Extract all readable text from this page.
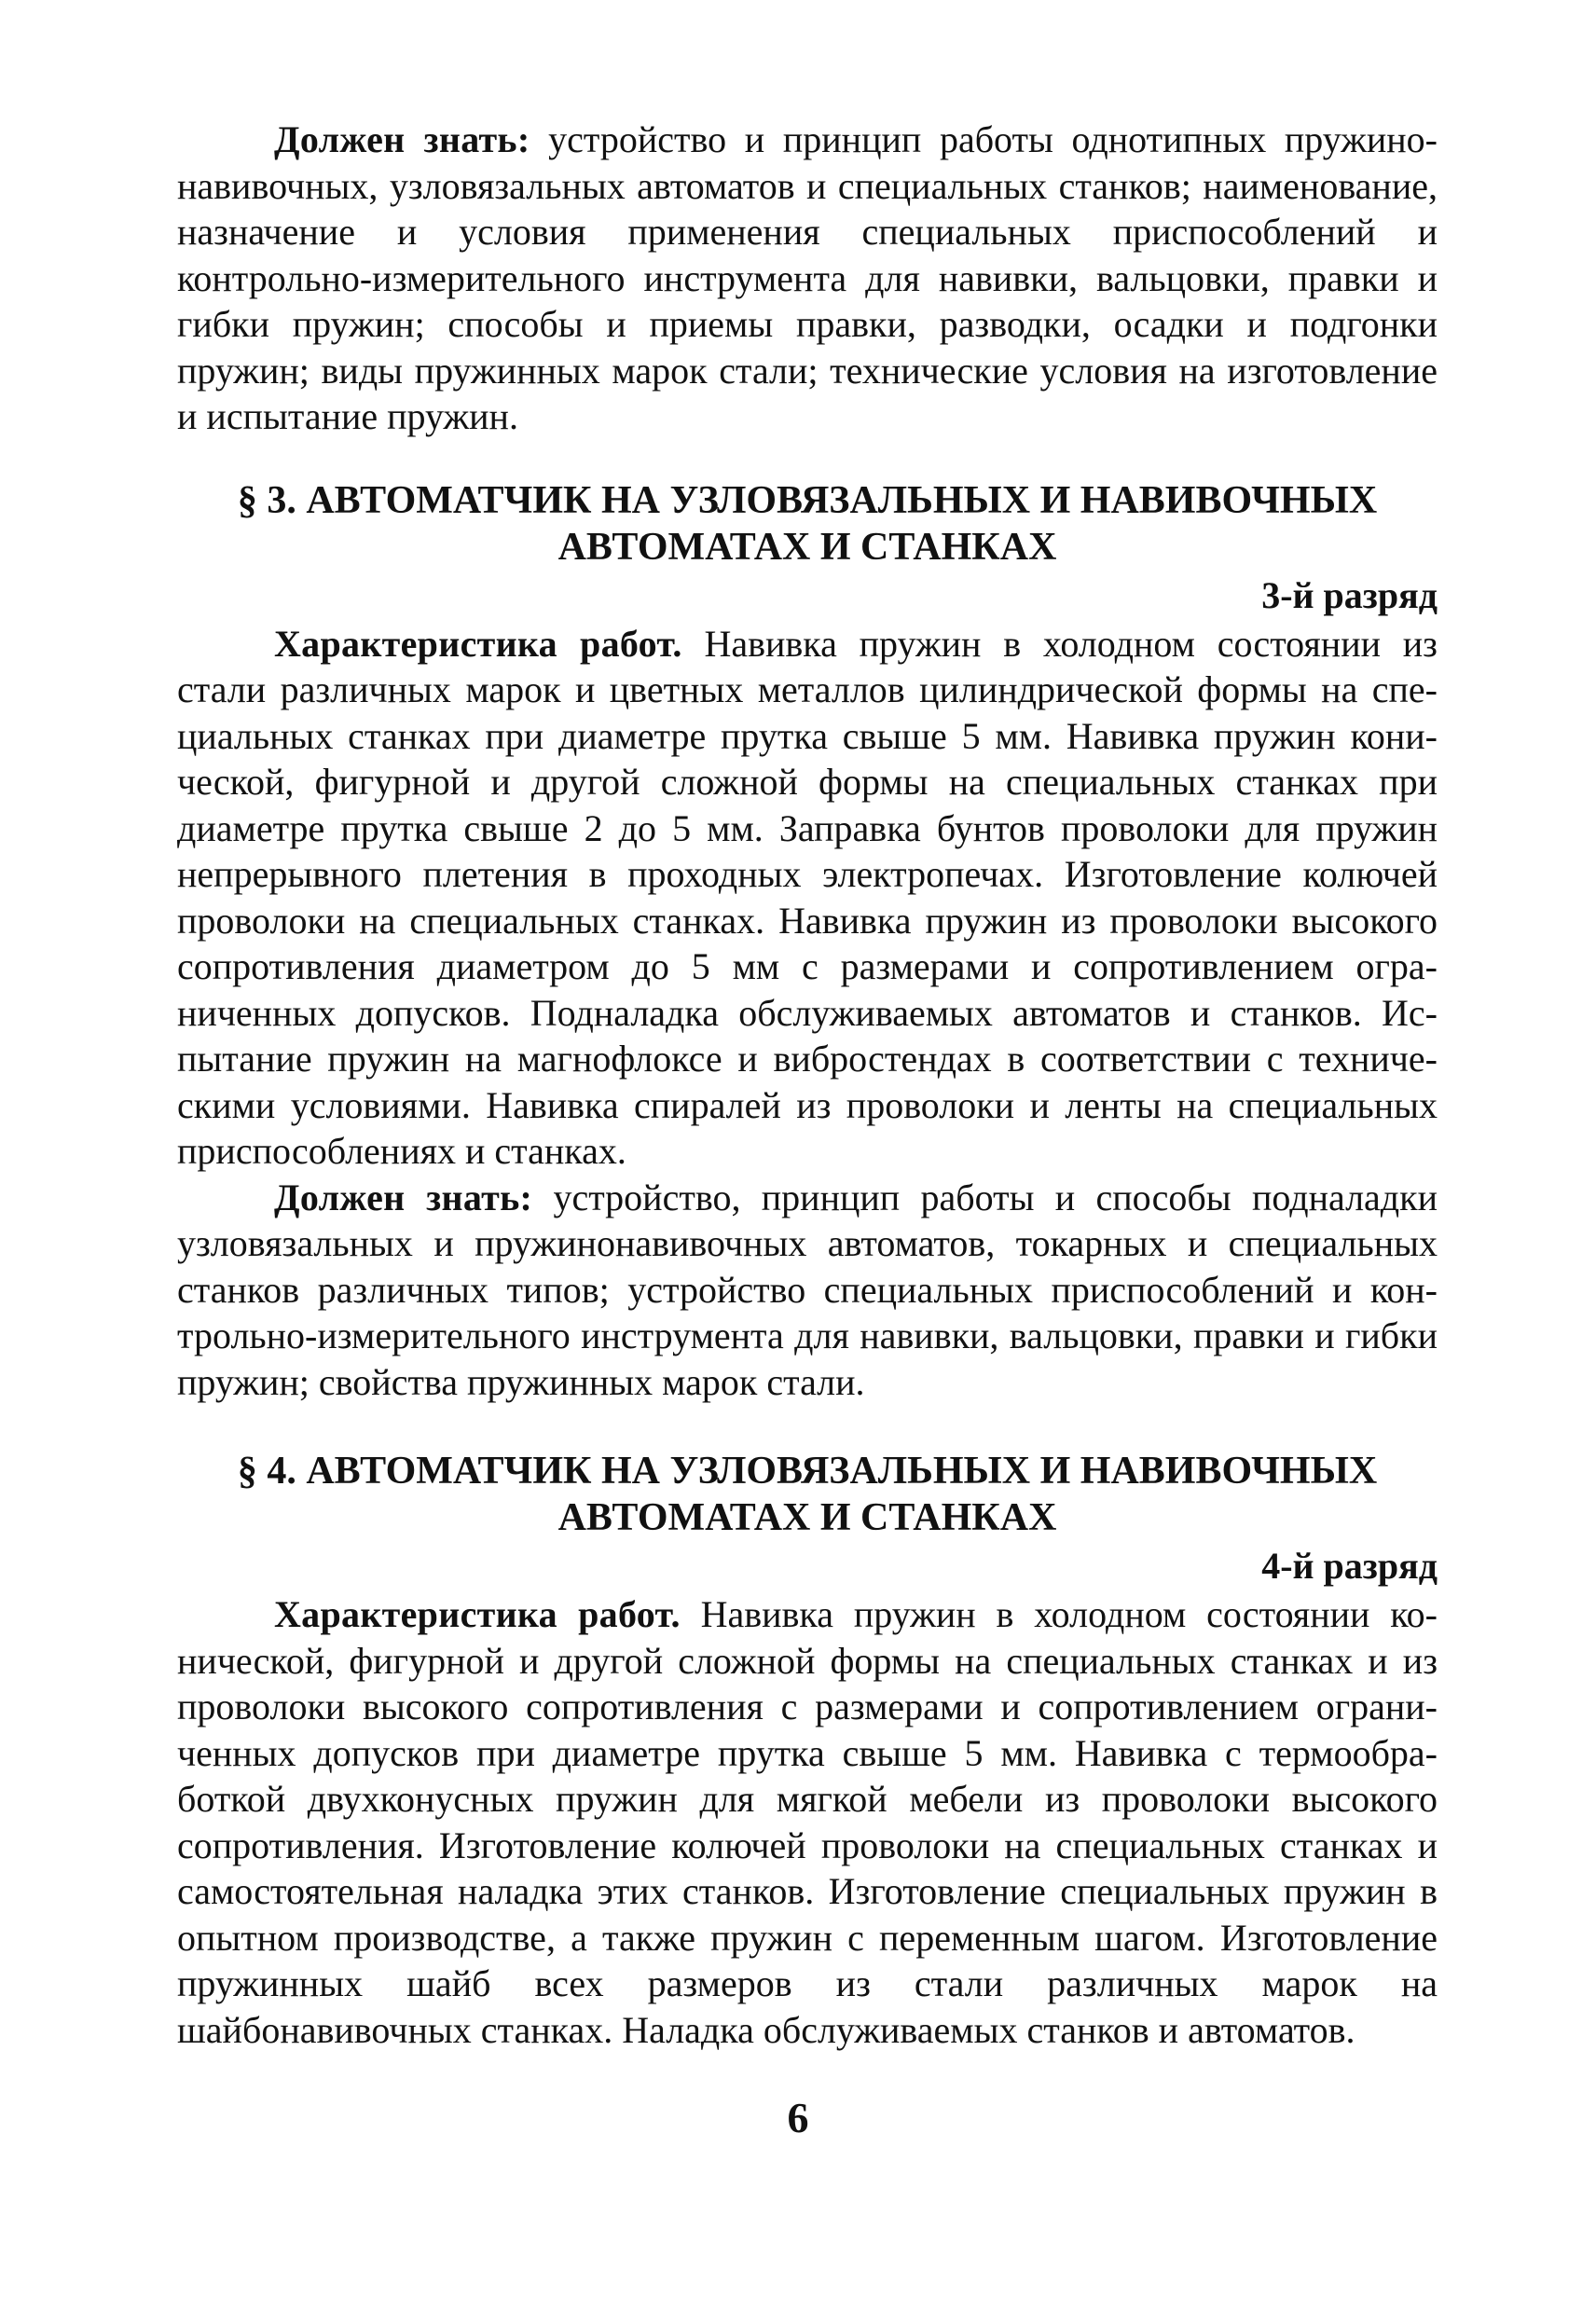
Должен знать: устройство и принцип работы однотипных пружинонавивочных, узловязальных автоматов и специальных станков; наименование, назначение и условия применения специальных приспособлений и контрольно-измерительного инструмента для навивки, вальцовки, правки и гибки пружин; способы и приемы правки, разводки, осадки и подгонки пружин; виды пружинных марок стали; технические условия на изготовление и испытание пружин.

§ 3. АВТОМАТЧИК НА УЗЛОВЯЗАЛЬНЫХ И НАВИВОЧНЫХ
АВТОМАТАХ И СТАНКАХ

3-й разряд

Характеристика работ. Навивка пружин в холодном состоянии из стали различных марок и цветных металлов цилиндрической формы на специальных станках при диаметре прутка свыше 5 мм. Навивка пружин конической, фигурной и другой сложной формы на специальных станках при диаметре прутка свыше 2 до 5 мм. Заправка бунтов проволоки для пружин непрерывного плетения в проходных электропечах. Изготовление колючей проволоки на специальных станках. Навивка пружин из проволоки высокого сопротивления диаметром до 5 мм с размерами и сопротивлением ограниченных допусков. Подналадка обслуживаемых автоматов и станков. Испытание пружин на магнофлоксе и вибростендах в соответствии с техническими условиями. Навивка спиралей из проволоки и ленты на специальных приспособлениях и станках.

Должен знать: устройство, принцип работы и способы подналадки узловязальных и пружинонавивочных автоматов, токарных и специальных станков различных типов; устройство специальных приспособлений и контрольно-измерительного инструмента для навивки, вальцовки, правки и гибки пружин; свойства пружинных марок стали.

§ 4. АВТОМАТЧИК НА УЗЛОВЯЗАЛЬНЫХ И НАВИВОЧНЫХ
АВТОМАТАХ И СТАНКАХ

4-й разряд

Характеристика работ. Навивка пружин в холодном состоянии конической, фигурной и другой сложной формы на специальных станках и из проволоки высокого сопротивления с размерами и сопротивлением ограниченных допусков при диаметре прутка свыше 5 мм. Навивка с термообработкой двухконусных пружин для мягкой мебели из проволоки высокого сопротивления. Изготовление колючей проволоки на специальных станках и самостоятельная наладка этих станков. Изготовление специальных пружин в опытном производстве, а также пружин с переменным шагом. Изготовление пружинных шайб всех размеров из стали различных марок на шайбонавивочных станках. Наладка обслуживаемых станков и автоматов.

6
